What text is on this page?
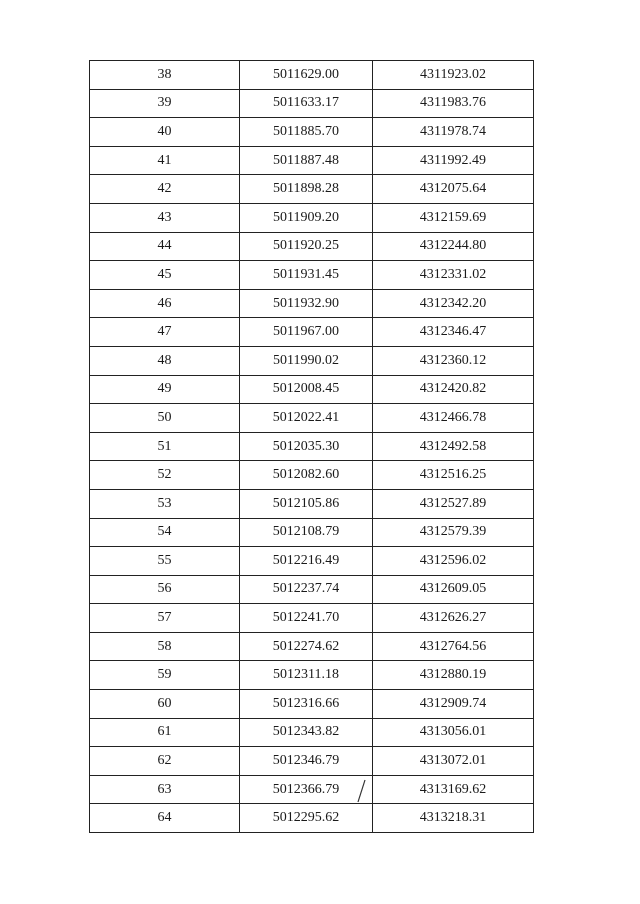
38	5011629.00	4311923.02
39	5011633.17	4311983.76
40	5011885.70	4311978.74
41	5011887.48	4311992.49
42	5011898.28	4312075.64
43	5011909.20	4312159.69
44	5011920.25	4312244.80
45	5011931.45	4312331.02
46	5011932.90	4312342.20
47	5011967.00	4312346.47
48	5011990.02	4312360.12
49	5012008.45	4312420.82
50	5012022.41	4312466.78
51	5012035.30	4312492.58
52	5012082.60	4312516.25
53	5012105.86	4312527.89
54	5012108.79	4312579.39
55	5012216.49	4312596.02
56	5012237.74	4312609.05
57	5012241.70	4312626.27
58	5012274.62	4312764.56
59	5012311.18	4312880.19
60	5012316.66	4312909.74
61	5012343.82	4313056.01
62	5012346.79	4313072.01
63	5012366.79	4313169.62
64	5012295.62	4313218.31
